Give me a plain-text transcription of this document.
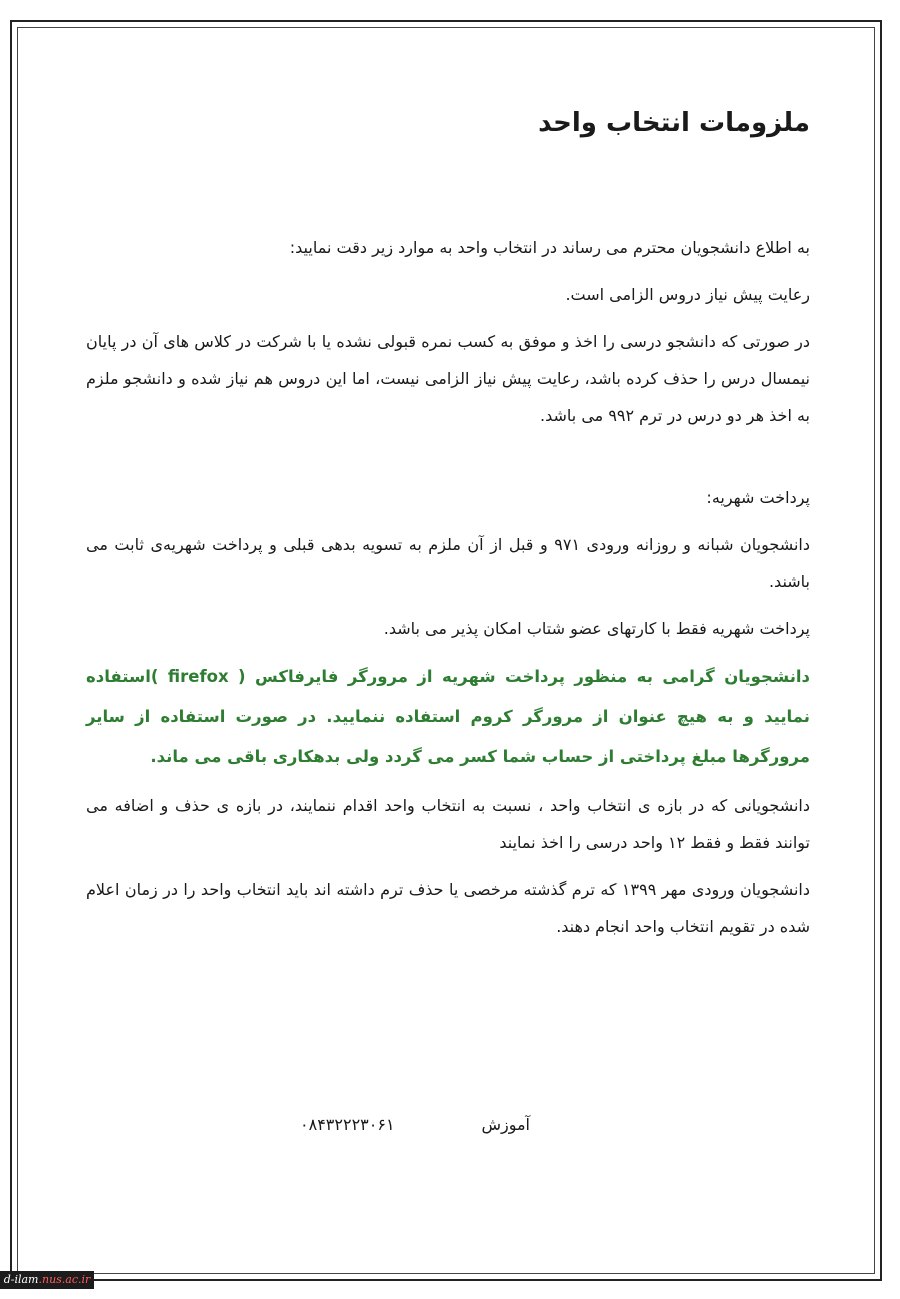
ملزومات انتخاب واحد

به اطلاع دانشجویان محترم می رساند در انتخاب واحد به موارد زیر دقت نمایید:

رعایت پیش نیاز دروس الزامی است.

در صورتی که دانشجو درسی را اخذ و موفق به کسب نمره قبولی نشده یا با شرکت در کلاس های آن در پایان نیمسال درس را حذف کرده باشد، رعایت پیش نیاز الزامی نیست، اما این دروس هم نیاز شده و دانشجو ملزم به اخذ هر دو درس در ترم ۹۹۲ می باشد.

پرداخت شهریه:

دانشجویان شبانه و روزانه ورودی ۹۷۱ و قبل از آن ملزم به تسویه بدهی قبلی و پرداخت شهریه‌ی ثابت می باشند.

پرداخت شهریه فقط با کارتهای عضو شتاب امکان پذیر می باشد.

دانشجویان گرامی به منظور پرداخت شهریه از مرورگر فایرفاکس ( firefox )استفاده نمایید و به هیچ عنوان از مرورگر کروم استفاده ننمایید. در صورت استفاده از سایر مرورگرها مبلغ پرداختی از حساب شما کسر می گردد ولی بدهکاری باقی می ماند.

دانشجویانی که در بازه ی انتخاب واحد ، نسبت به انتخاب واحد اقدام ننمایند، در بازه ی حذف و اضافه می توانند فقط و فقط ۱۲ واحد درسی را اخذ نمایند

دانشجویان ورودی مهر ۱۳۹۹ که ترم گذشته مرخصی یا حذف ترم داشته اند باید انتخاب واحد را در زمان اعلام شده در تقویم انتخاب واحد انجام دهند.

آموزش
۰۸۴۳۲۲۲۳۰۶۱
d-ilam.nus.ac.ir
